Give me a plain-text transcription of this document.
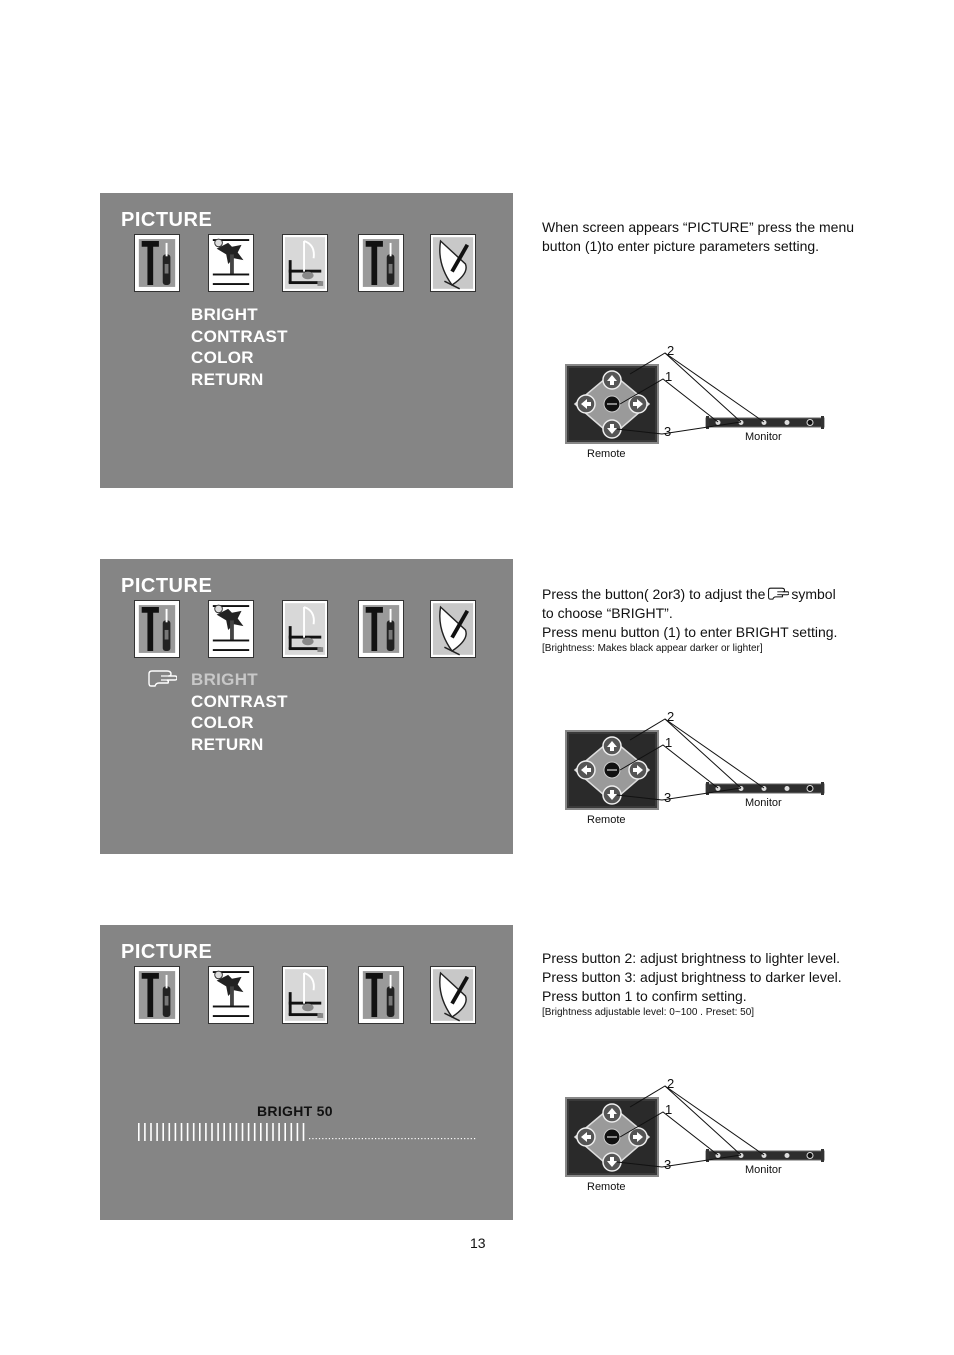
PICTURE
BRIGHT
CONTRAST
COLOR
RETURN
When screen appears “PICTURE” press the menu button (1)to enter picture parameters setting.
2
1
3	Monitor
Remote
PICTURE
BRIGHT
CONTRAST
COLOR
RETURN
Press the button( 2or3) to adjust the symbol
to choose “BRIGHT”.
Press menu button (1) to enter BRIGHT setting.
[Brightness: Makes black appear darker or lighter]
2
1
3	Monitor
Remote
PICTURE
BRIGHT 50
Press button 2: adjust brightness to lighter level.
Press button 3: adjust brightness to darker level.
Press button 1 to confirm setting.
[Brightness adjustable level: 0~100 . Preset: 50]
2
1
3	Monitor
Remote
13
